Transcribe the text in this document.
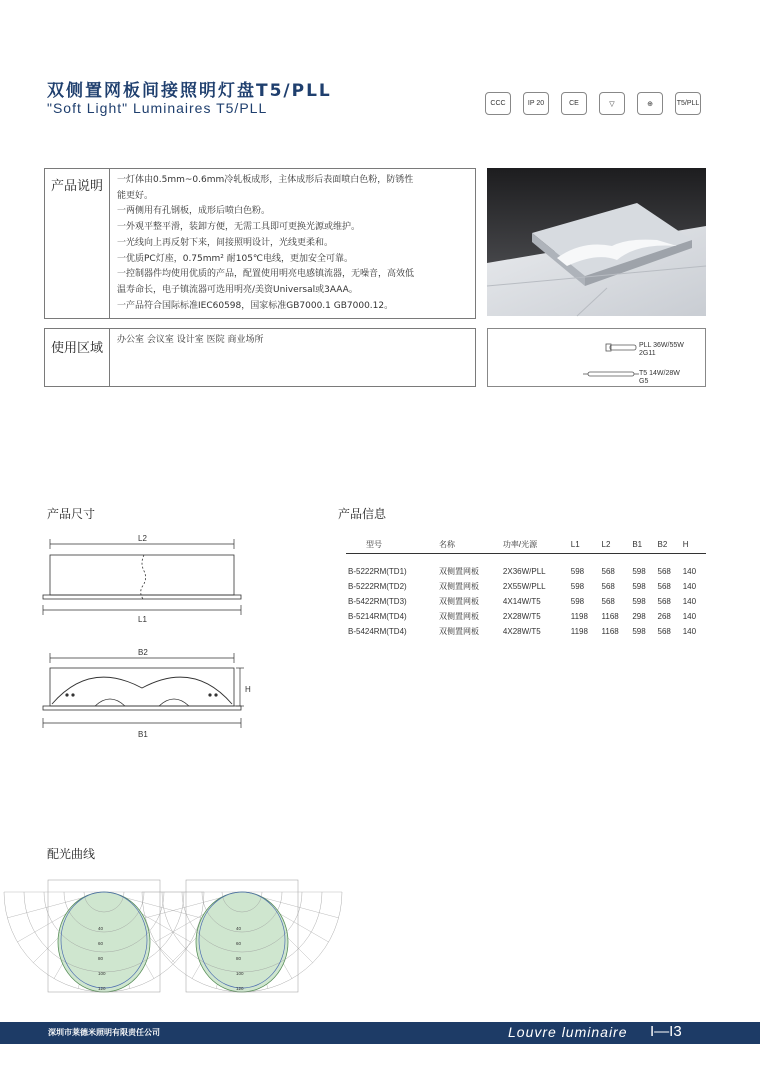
双侧置网板间接照明灯盘T5/PLL
"Soft Light" Luminaires T5/PLL	CCC	IP 20	CE	▽	⊕	T5/PLL
产品说明	一灯体由0.5mm~0.6mm冷轧板成形，主体成形后表面喷白色粉，防锈性
能更好。
一两侧用有孔钢板，成形后喷白色粉。
一外观平整平滑，装卸方便，无需工具即可更换光源或维护。
一光线向上再反射下来，间接照明设计，光线更柔和。
一优质PC灯座，0.75mm² 耐105℃电线，更加安全可靠。
一控制器件均使用优质的产品，配置使用明亮电感镇流器，无噪音，高效低
温寿命长，电子镇流器可选用明亮/美资Universal或3AAA。
一产品符合国际标准IEC60598，国家标准GB7000.1 GB7000.12。
使用区域
办公室 会议室 设计室 医院 商业场所
PLL 36W/55W
2G11
T5 14W/28W
G5
产品尺寸
L2
L1
B2
H
B1
产品信息
型号	名称	功率/光源	L1	L2	B1	B2	H

B-5222RM(TD1)	双侧置网板	2X36W/PLL	598	568	598	568	140
B-5222RM(TD2)	双侧置网板	2X55W/PLL	598	568	598	568	140
B-5422RM(TD3)	双侧置网板	4X14W/T5	598	568	598	568	140
B-5214RM(TD4)	双侧置网板	2X28W/T5	1198	1168	298	268	140
B-5424RM(TD4)	双侧置网板	4X28W/T5	1198	1168	598	568	140
配光曲线
40
60
80
100
120
40
60
80
100
120
深圳市莱德米照明有限责任公司	Louvre luminaire I—I3
